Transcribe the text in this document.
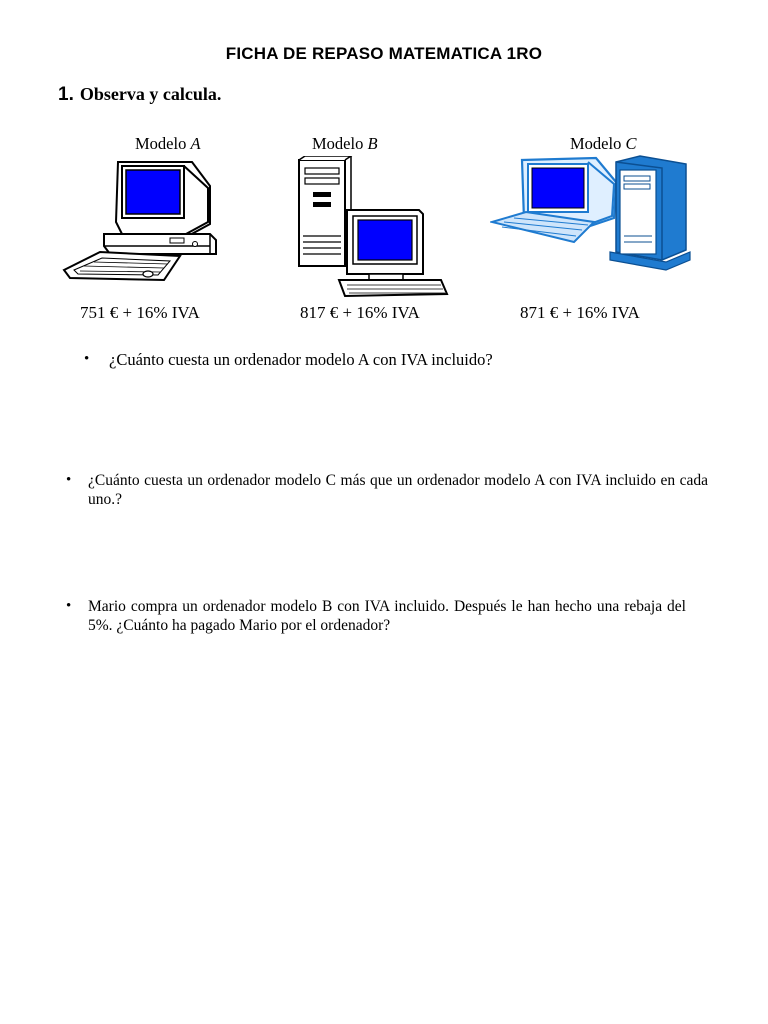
FICHA DE REPASO MATEMATICA 1RO
1. Observa y calcula.
Modelo A	Modelo B	Modelo C
751 € + 16% IVA	817 € + 16% IVA	871 € + 16% IVA
• ¿Cuánto cuesta un ordenador modelo A con IVA incluido?
• ¿Cuánto cuesta un ordenador modelo C más que un ordenador modelo A con IVA incluido en cada uno.?
• Mario compra un ordenador modelo B con IVA incluido. Después le han hecho una rebaja del 5%. ¿Cuánto ha pagado Mario por el ordenador?
